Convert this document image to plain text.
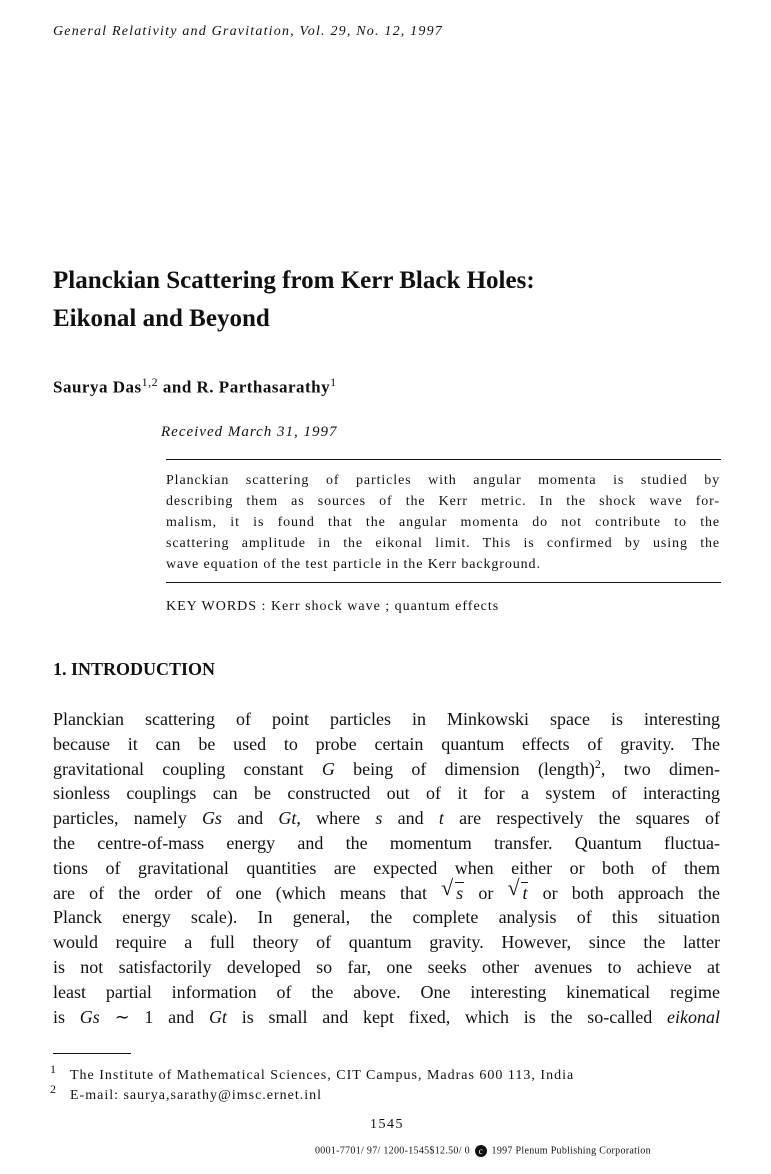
General Relativity and Gravitation, Vol. 29, No. 12, 1997
Planckian Scattering from Kerr Black Holes:
Eikonal and Beyond
Saurya Das$^{1,2}$ and R. Parthasarathy$^1$
Received March 31, 1997
Planckian scattering of particles with angular momenta is studied by
describing them as sources of the Kerr metric. In the shock wave for-
malism, it is found that the angular momenta do not contribute to the
scattering amplitude in the eikonal limit. This is confirmed by using the
wave equation of the test particle in the Kerr background.
KEY WORDS : Kerr shock wave ; quantum effects
1. INTRODUCTION
Planckian scattering of point particles in Minkowski space is interesting
because it can be used to probe certain quantum effects of gravity. The
gravitational coupling constant G being of dimension (length)$^2$, two dimen-
sionless couplings can be constructed out of it for a system of interacting
particles, namely Gs and Gt, where s and t are respectively the squares of
the centre-of-mass energy and the momentum transfer. Quantum fluctua-
tions of gravitational quantities are expected when either or both of them
are of the order of one (which means that √ s or √ t or both approach the
Planck energy scale). In general, the complete analysis of this situation
would require a full theory of quantum gravity. However, since the latter
is not satisfactorily developed so far, one seeks other avenues to achieve at
least partial information of the above. One interesting kinematical regime
is Gs ∼ 1 and Gt is small and kept fixed, which is the so-called eikonal
1 The Institute of Mathematical Sciences, CIT Campus, Madras 600 113, India
2 E-mail: saurya,sarathy@imsc.ernet.inl
1545
0001-7701/ 97/ 1200-1545$12.50/ 0 c 1997 Plenum Publishing Corporation
